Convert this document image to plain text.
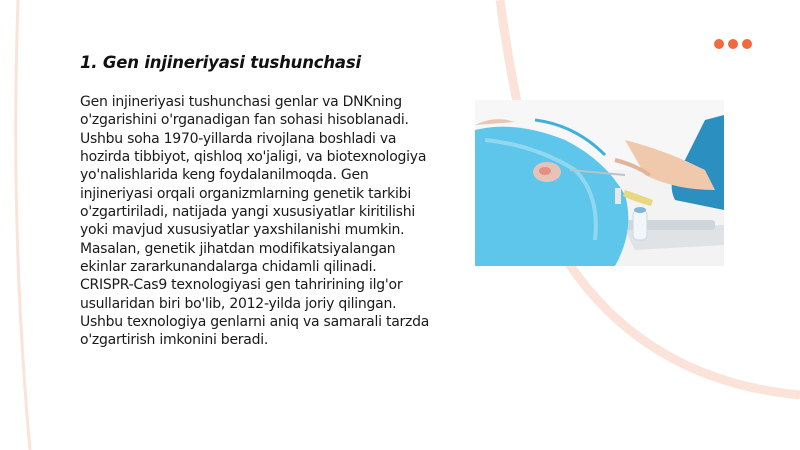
1. Gen injineriyasi tushunchasi

Gen injineriyasi tushunchasi genlar va DNKning o'zgarishini o'rganadigan fan sohasi hisoblanadi. Ushbu soha 1970-yillarda rivojlana boshladi va hozirda tibbiyot, qishloq xo'jaligi, va biotexnologiya yo'nalishlarida keng foydalanilmoqda. Gen injineriyasi orqali organizmlarning genetik tarkibi o'zgartiriladi, natijada yangi xususiyatlar kiritilishi yoki mavjud xususiyatlar yaxshilanishi mumkin. Masalan, genetik jihatdan modifikatsiyalangan ekinlar zararkunandalarga chidamli qilinadi. CRISPR-Cas9 texnologiyasi gen tahririning ilg'or usullaridan biri bo'lib, 2012-yilda joriy qilingan. Ushbu texnologiya genlarni aniq va samarali tarzda o'zgartirish imkonini beradi.
